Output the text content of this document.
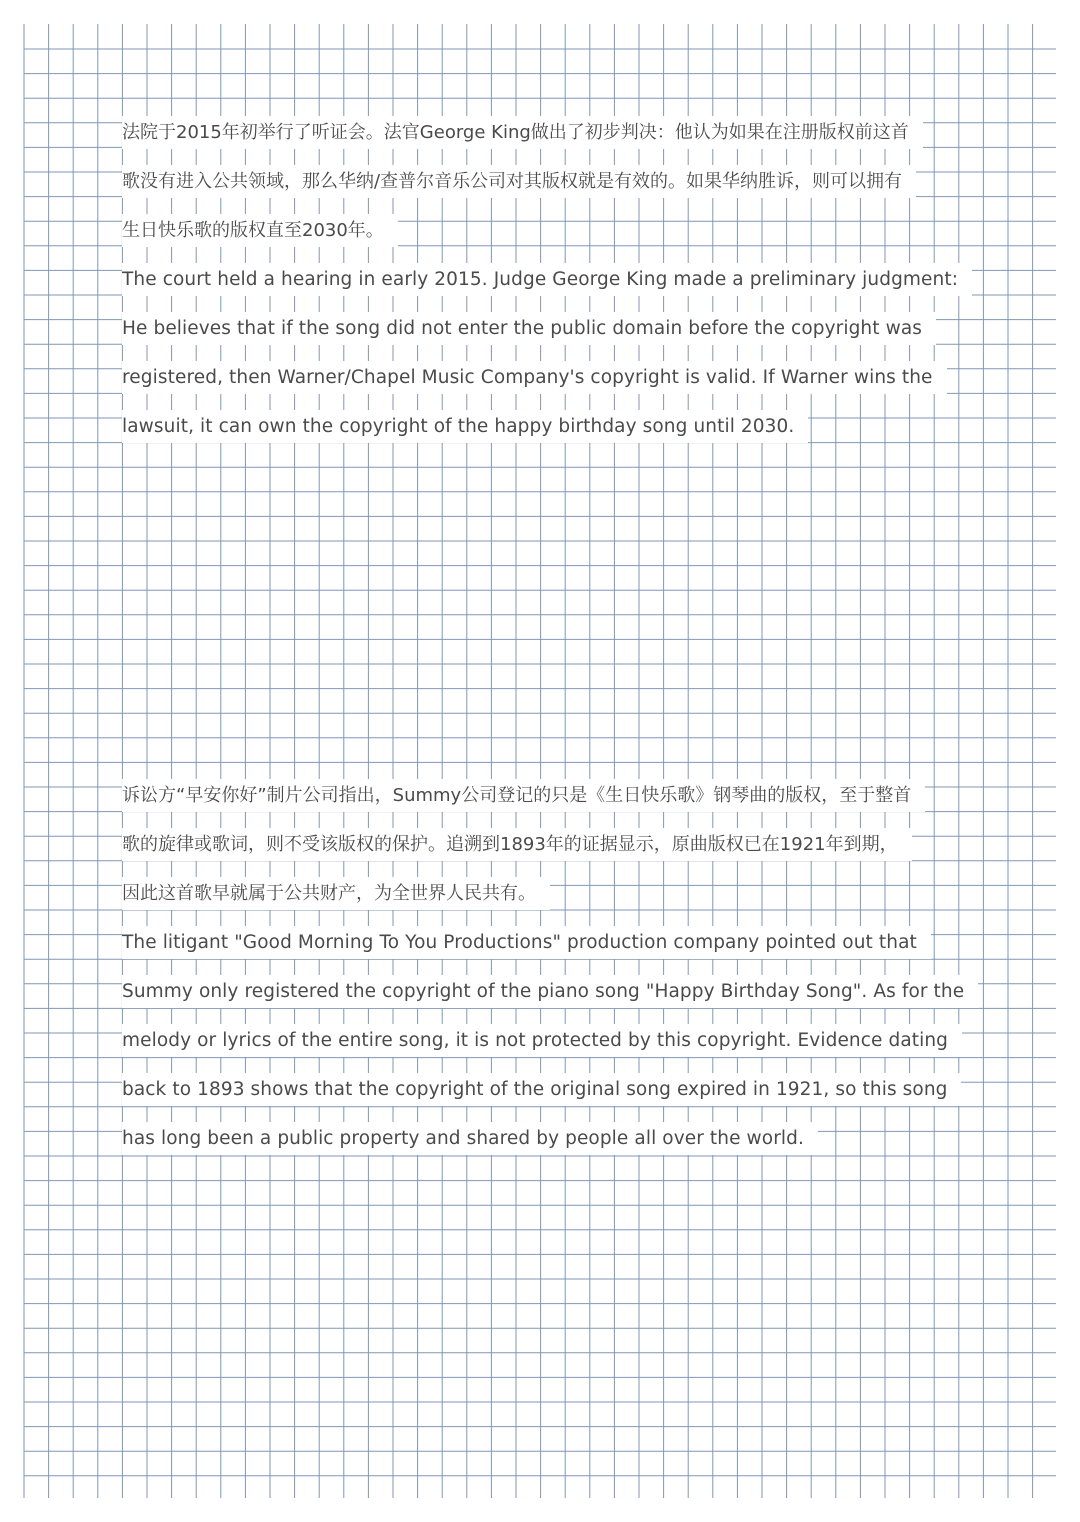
法院于2015年初举行了听证会。法官George King做出了初步判决：他认为如果在注册版权前这首
歌没有进入公共领域，那么华纳/查普尔音乐公司对其版权就是有效的。如果华纳胜诉，则可以拥有
生日快乐歌的版权直至2030年。
The court held a hearing in early 2015. Judge George King made a preliminary judgment:
He believes that if the song did not enter the public domain before the copyright was
registered, then Warner/Chapel Music Company's copyright is valid. If Warner wins the
lawsuit, it can own the copyright of the happy birthday song until 2030.
诉讼方“早安你好”制片公司指出，Summy公司登记的只是《生日快乐歌》钢琴曲的版权，至于整首
歌的旋律或歌词，则不受该版权的保护。追溯到1893年的证据显示，原曲版权已在1921年到期，
因此这首歌早就属于公共财产，为全世界人民共有。
The litigant "Good Morning To You Productions" production company pointed out that
Summy only registered the copyright of the piano song "Happy Birthday Song". As for the
melody or lyrics of the entire song, it is not protected by this copyright. Evidence dating
back to 1893 shows that the copyright of the original song expired in 1921, so this song
has long been a public property and shared by people all over the world.
